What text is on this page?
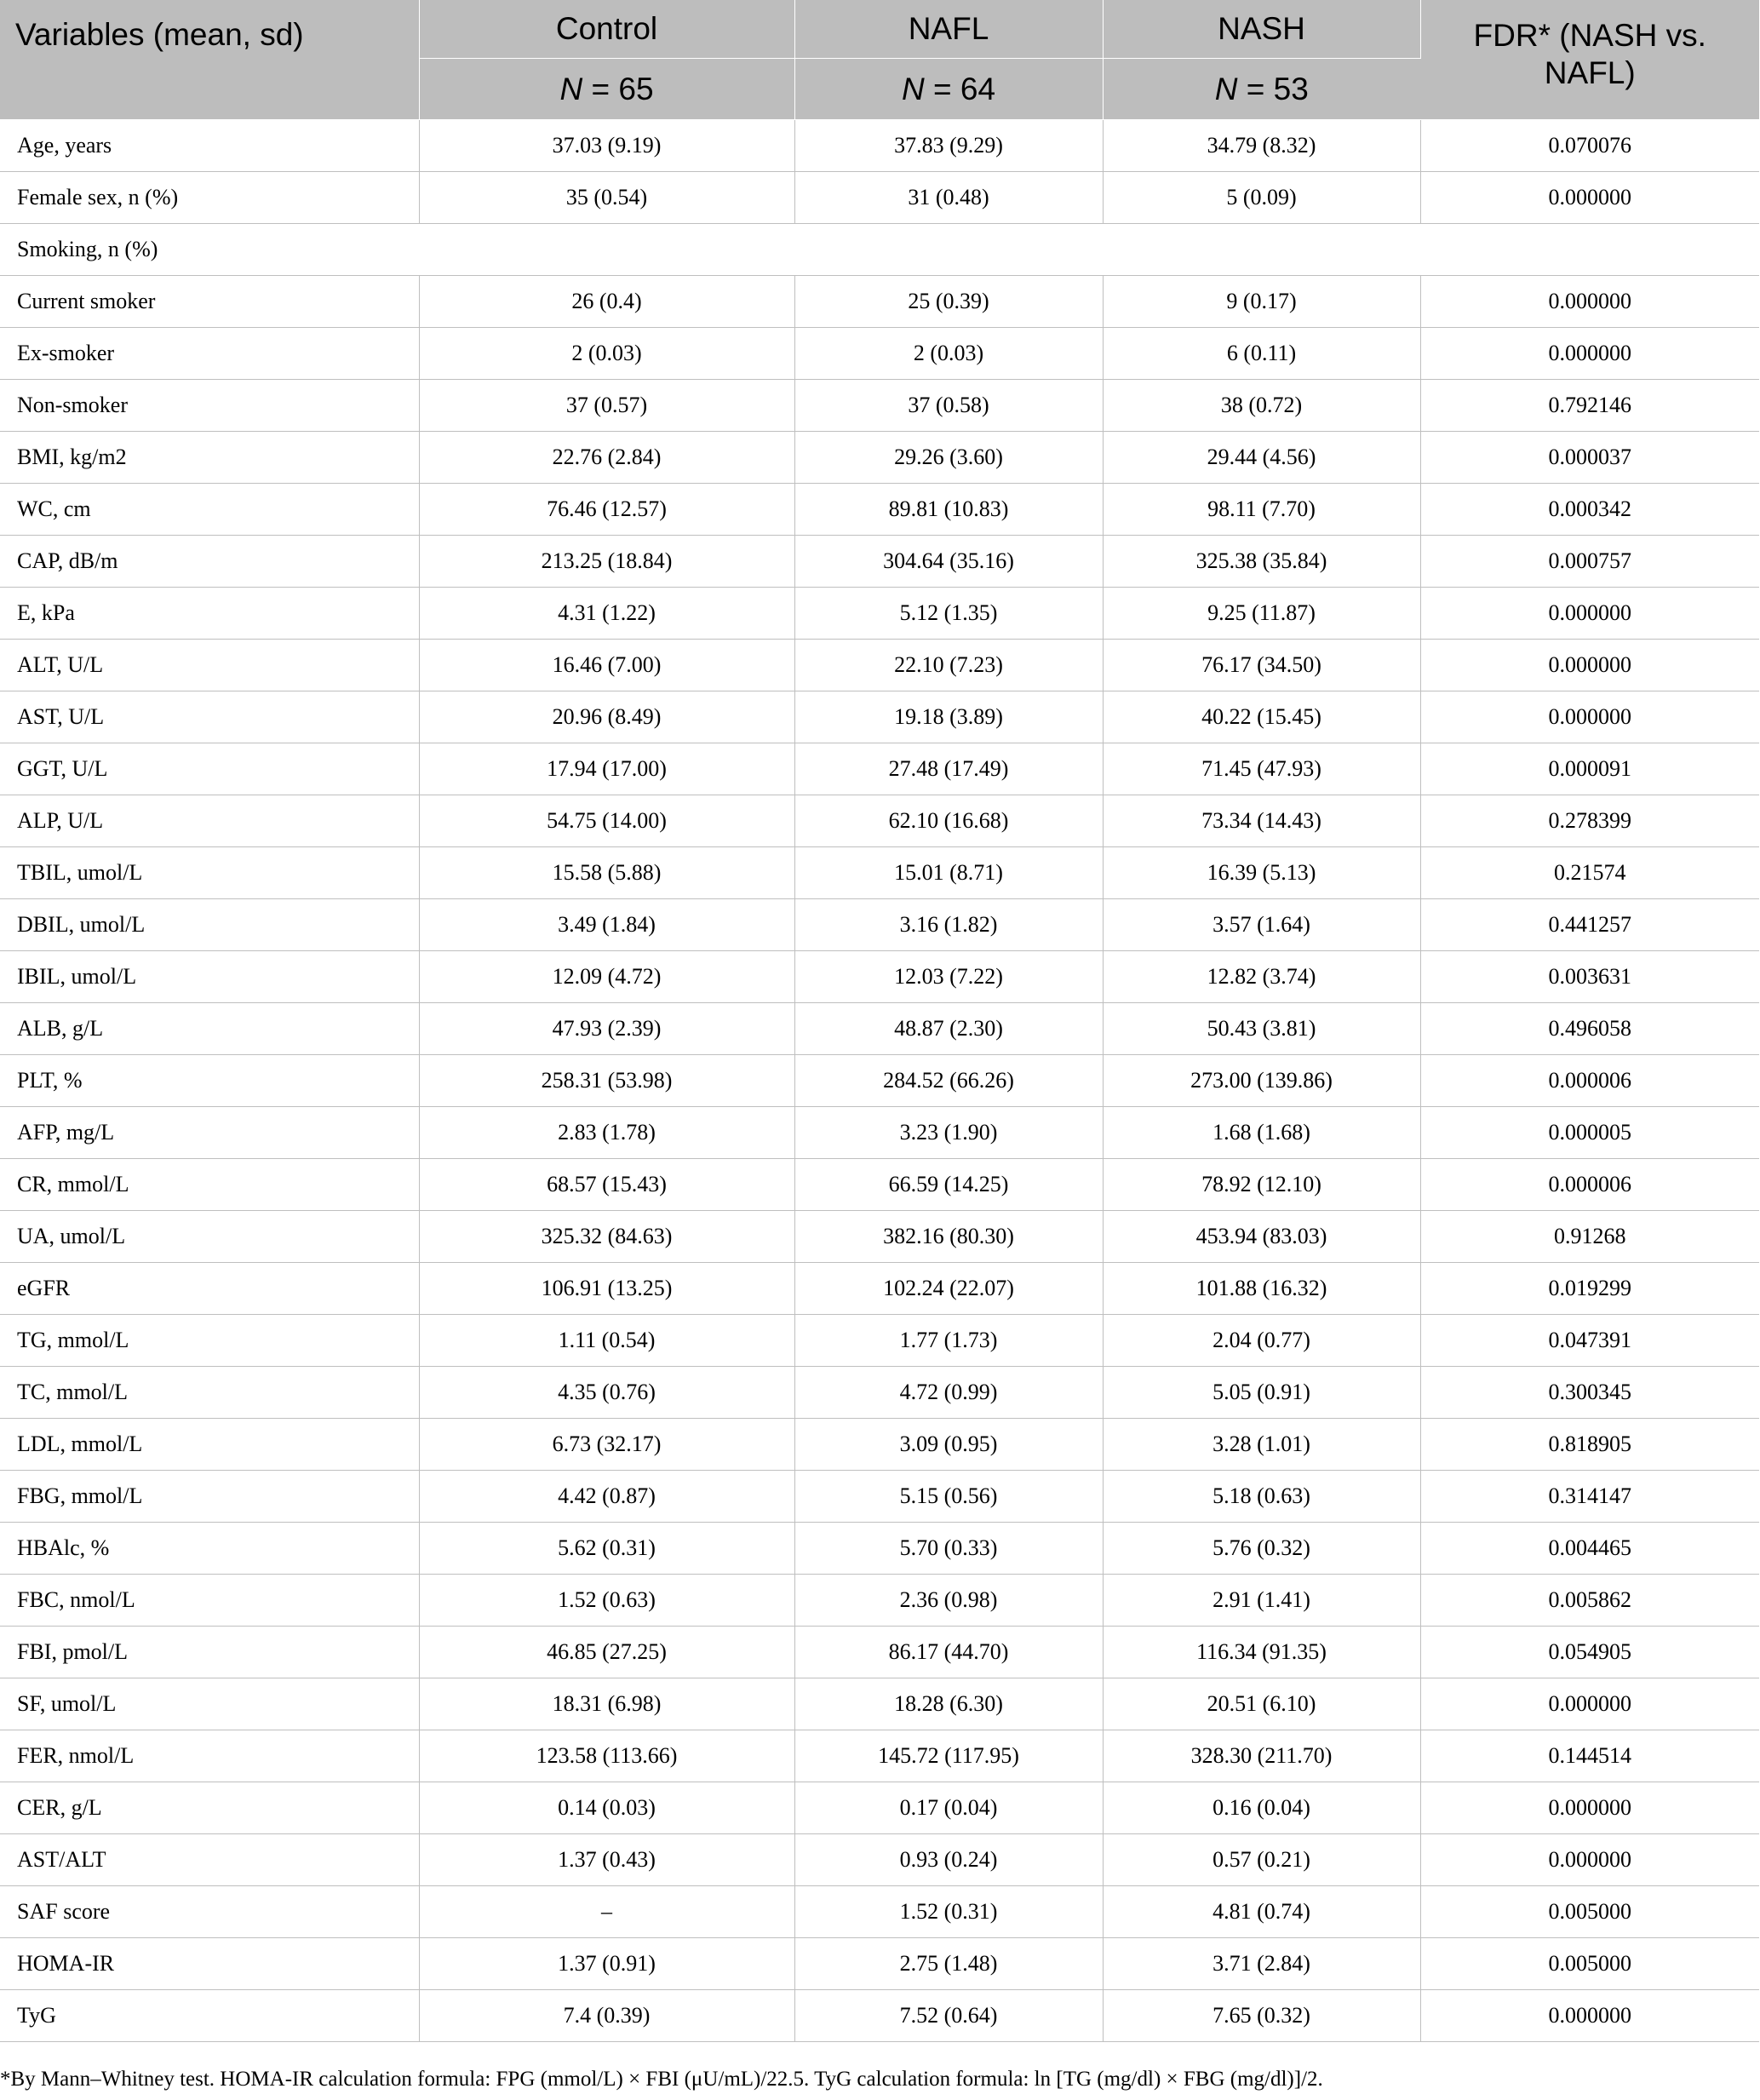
Variables (mean, sd)	Control	NAFL	NASH	FDR* (NASH vs.
NAFL)
	N = 65	N = 64	N = 53	
Age, years	37.03 (9.19)	37.83 (9.29)	34.79 (8.32)	0.070076
Female sex, n (%)	35 (0.54)	31 (0.48)	5 (0.09)	0.000000
Smoking, n (%)				
Current smoker	26 (0.4)	25 (0.39)	9 (0.17)	0.000000
Ex-smoker	2 (0.03)	2 (0.03)	6 (0.11)	0.000000
Non-smoker	37 (0.57)	37 (0.58)	38 (0.72)	0.792146
BMI, kg/m2	22.76 (2.84)	29.26 (3.60)	29.44 (4.56)	0.000037
WC, cm	76.46 (12.57)	89.81 (10.83)	98.11 (7.70)	0.000342
CAP, dB/m	213.25 (18.84)	304.64 (35.16)	325.38 (35.84)	0.000757
E, kPa	4.31 (1.22)	5.12 (1.35)	9.25 (11.87)	0.000000
ALT, U/L	16.46 (7.00)	22.10 (7.23)	76.17 (34.50)	0.000000
AST, U/L	20.96 (8.49)	19.18 (3.89)	40.22 (15.45)	0.000000
GGT, U/L	17.94 (17.00)	27.48 (17.49)	71.45 (47.93)	0.000091
ALP, U/L	54.75 (14.00)	62.10 (16.68)	73.34 (14.43)	0.278399
TBIL, umol/L	15.58 (5.88)	15.01 (8.71)	16.39 (5.13)	0.21574
DBIL, umol/L	3.49 (1.84)	3.16 (1.82)	3.57 (1.64)	0.441257
IBIL, umol/L	12.09 (4.72)	12.03 (7.22)	12.82 (3.74)	0.003631
ALB, g/L	47.93 (2.39)	48.87 (2.30)	50.43 (3.81)	0.496058
PLT, %	258.31 (53.98)	284.52 (66.26)	273.00 (139.86)	0.000006
AFP, mg/L	2.83 (1.78)	3.23 (1.90)	1.68 (1.68)	0.000005
CR, mmol/L	68.57 (15.43)	66.59 (14.25)	78.92 (12.10)	0.000006
UA, umol/L	325.32 (84.63)	382.16 (80.30)	453.94 (83.03)	0.91268
eGFR	106.91 (13.25)	102.24 (22.07)	101.88 (16.32)	0.019299
TG, mmol/L	1.11 (0.54)	1.77 (1.73)	2.04 (0.77)	0.047391
TC, mmol/L	4.35 (0.76)	4.72 (0.99)	5.05 (0.91)	0.300345
LDL, mmol/L	6.73 (32.17)	3.09 (0.95)	3.28 (1.01)	0.818905
FBG, mmol/L	4.42 (0.87)	5.15 (0.56)	5.18 (0.63)	0.314147
HBAlc, %	5.62 (0.31)	5.70 (0.33)	5.76 (0.32)	0.004465
FBC, nmol/L	1.52 (0.63)	2.36 (0.98)	2.91 (1.41)	0.005862
FBI, pmol/L	46.85 (27.25)	86.17 (44.70)	116.34 (91.35)	0.054905
SF, umol/L	18.31 (6.98)	18.28 (6.30)	20.51 (6.10)	0.000000
FER, nmol/L	123.58 (113.66)	145.72 (117.95)	328.30 (211.70)	0.144514
CER, g/L	0.14 (0.03)	0.17 (0.04)	0.16 (0.04)	0.000000
AST/ALT	1.37 (0.43)	0.93 (0.24)	0.57 (0.21)	0.000000
SAF score	–	1.52 (0.31)	4.81 (0.74)	0.005000
HOMA-IR	1.37 (0.91)	2.75 (1.48)	3.71 (2.84)	0.005000
TyG	7.4 (0.39)	7.52 (0.64)	7.65 (0.32)	0.000000
*By Mann–Whitney test. HOMA-IR calculation formula: FPG (mmol/L) × FBI (μU/mL)/22.5. TyG calculation formula: ln [TG (mg/dl) × FBG (mg/dl)]/2.
